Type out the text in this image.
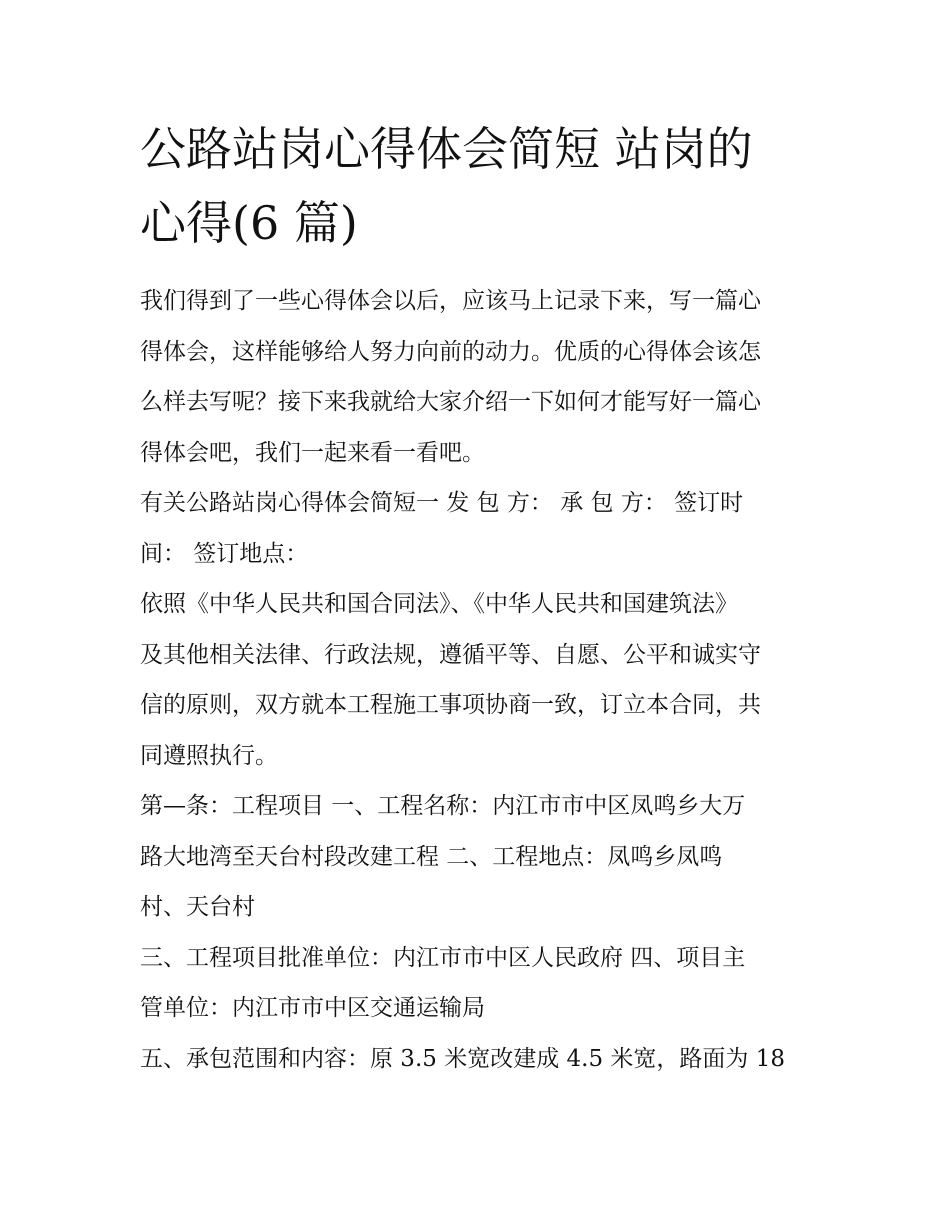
公路站岗心得体会简短 站岗的
心得(6 篇)

我们得到了一些心得体会以后，应该马上记录下来，写一篇心
得体会，这样能够给人努力向前的动力。优质的心得体会该怎
么样去写呢？接下来我就给大家介绍一下如何才能写好一篇心
得体会吧，我们一起来看一看吧。

有关公路站岗心得体会简短一 发 包 方： 承 包 方： 签订时
间： 签订地点：

依照《中华人民共和国合同法》、《中华人民共和国建筑法》
及其他相关法律、行政法规，遵循平等、自愿、公平和诚实守
信的原则，双方就本工程施工事项协商一致，订立本合同，共
同遵照执行。

第—条：工程项目 一、工程名称：内江市市中区凤鸣乡大万
路大地湾至天台村段改建工程 二、工程地点：凤鸣乡凤鸣
村、天台村

三、工程项目批准单位：内江市市中区人民政府 四、项目主
管单位：内江市市中区交通运输局

五、承包范围和内容：原 3.5 米宽改建成 4.5 米宽，路面为 18
